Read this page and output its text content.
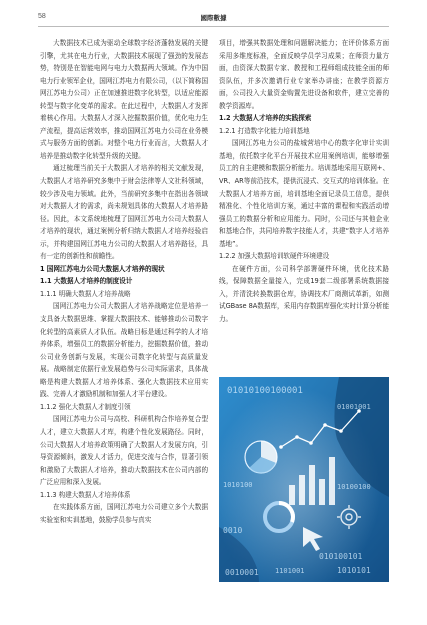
58	國際數據
大数据技术已成为驱动全球数字经济蓬勃发展的关键引擎，尤其在电力行业，大数据技术展现了强劲的发展态势，特别是在智能电网与电力大数据两大领域。作为中国电力行业领军企业，国网江苏电力有限公司，（以下简称国网江苏电力公司）正在加速推进数字化转型，以适应能源转型与数字化变革的需求。在此过程中，大数据人才发挥着核心作用。大数据人才深入挖掘数据价值，优化电力生产流程，提高运营效率，推动国网江苏电力公司在业务模式与服务方面的创新。对整个电力行业而言，大数据人才培养是推动数字化转型升级的关键。
通过梳理当前关于大数据人才培养的相关文献发现，大数据人才培养研究多集中于财会法律等人文社科领域，较少涉及电力领域。此外，当前研究多集中在指出各领域对大数据人才的需求，尚未规划具体的大数据人才培养路径。因此，本文系统地梳理了国网江苏电力公司大数据人才培养的现状，通过案例分析归纳大数据人才培养经验启示，并构建国网江苏电力公司的大数据人才培养路径，具有一定的创新性和前瞻性。
1 国网江苏电力公司大数据人才培养的现状
1.1 大数据人才培养的制度设计
1.1.1 明确大数据人才培养战略
国网江苏电力公司大数据人才培养战略定位是培养一支具备大数据思维、掌握大数据技术、能够推动公司数字化转型的高素质人才队伍。战略目标是通过科学的人才培养体系，增强员工的数据分析能力，挖掘数据价值，推动公司业务创新与发展，实现公司数字化转型与高质量发展。战略制定依据行业发展趋势与公司实际需求，具体战略是构建大数据人才培养体系、强化大数据技术应用实践、完善人才激励机制和加强人才平台建设。
1.1.2 强化大数据人才制度引领
国网江苏电力公司与高校、科研机构合作培养复合型人才，建立大数据人才库，构建个性化发展路径。同时，公司大数据人才培养政策明确了大数据人才发展方向，引导资源倾斜，激发人才活力，促进交流与合作，显著引领和激励了大数据人才培养，推动大数据技术在公司内部的广泛应用和深入发展。
1.1.3 构建大数据人才培养体系
在实践体系方面，国网江苏电力公司建立多个大数据实验室和实训基地，鼓励学员参与真实
项目，增强其数据处理和问题解决能力；在评价体系方面采用多维度标准，全面反映学员学习成果；在师资力量方面，由资深大数据专家、教授和工程师组成技能全面的师资队伍，并多次邀请行业专家举办讲座；在教学资源方面，公司投入大量资金购置先进设备和软件，建立完善的教学资源库。
1.2 大数据人才培养的实践探索
1.2.1 打造数字化能力培训基地
国网江苏电力公司的盐城营培中心的数字化审计实训基地，依托数字化平台开展技术应用案例培训，能够增强员工的自主建模和数据分析能力。培训基地采用互联网+、VR、AR等前沿技术，提供沉浸式、交互式的培训体验。在大数据人才培养方面，培训基地全面记录员工信息，提供精准化、个性化培训方案，通过丰富的课程和实践活动增强员工的数据分析和应用能力。同时，公司还与其他企业和基地合作，共同培养数字技能人才，共建“数字人才培养基地”。
1.2.2 加强大数据培训软硬件环境建设
在硬件方面，公司科学部署硬件环境，优化技术路线，保障数据全量接入，完成19套二级部署系统数据接入，并清洗转换数据仓库，协调技术厂商测试革新，如测试GBase 8A数据库，采用内存数据库强化实时计算分析能力。
01010100100001
01001001
1010100	10100100
010100101
0010
1010101
0010001 1101001
